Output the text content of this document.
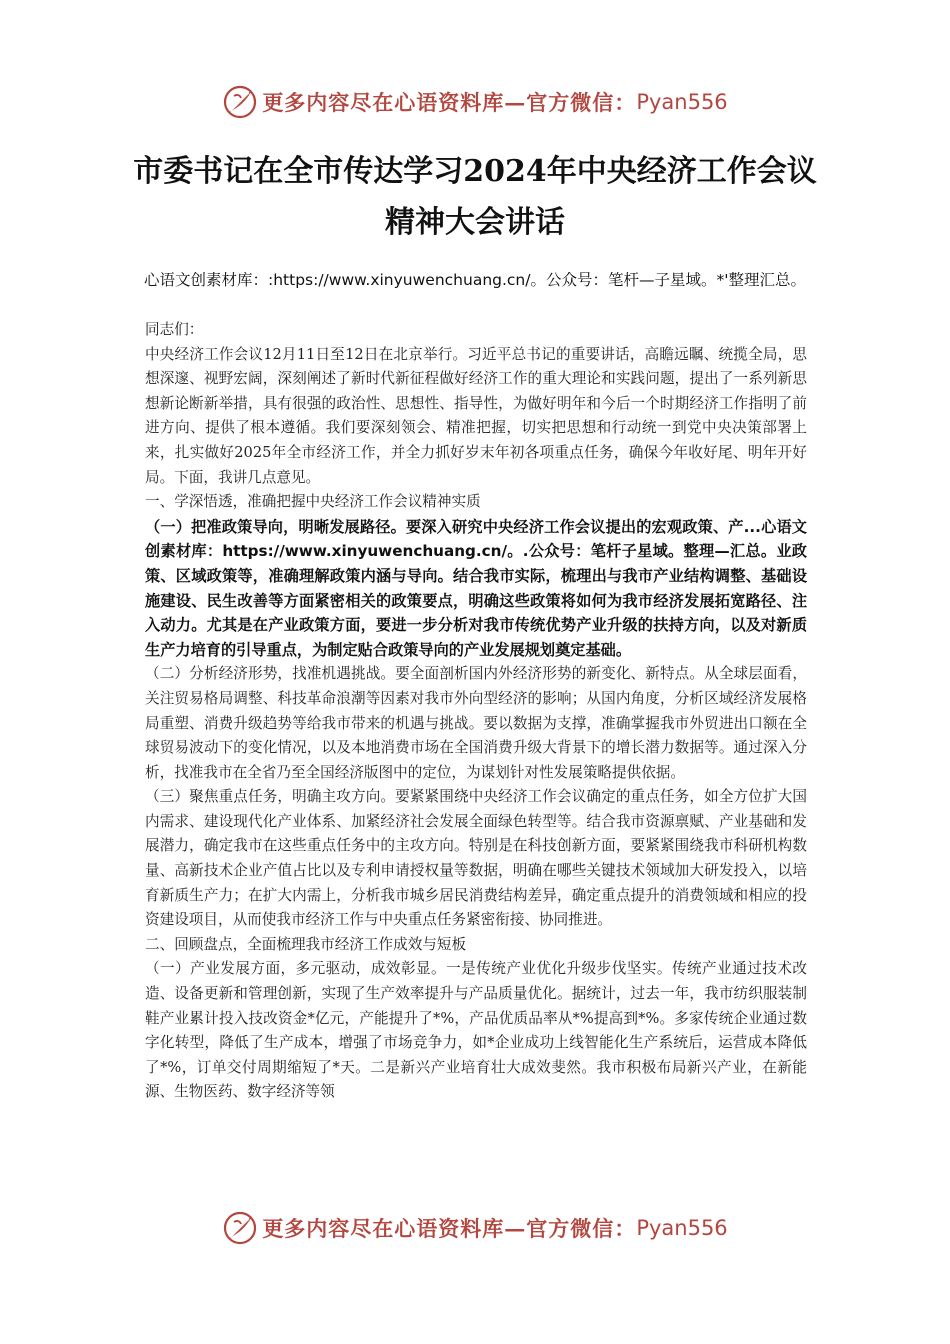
更多内容尽在心语资料库—官方微信： Pyan556
市委书记在全市传达学习2024年中央经济工作会议
精神大会讲话
心语文创素材库：:https://www.xinyuwenchuang.cn/。公众号：笔杆—子星域。*'整理汇总。

同志们：

中央经济工作会议12月11日至12日在北京举行。习近平总书记的重要讲话，高瞻远瞩、统揽全局，思想深邃、视野宏阔，深刻阐述了新时代新征程做好经济工作的重大理论和实践问题，提出了一系列新思想新论断新举措，具有很强的政治性、思想性、指导性，为做好明年和今后一个时期经济工作指明了前进方向、提供了根本遵循。我们要深刻领会、精准把握，切实把思想和行动统一到党中央决策部署上来，扎实做好2025年全市经济工作，并全力抓好岁末年初各项重点任务，确保今年收好尾、明年开好局。下面，我讲几点意见。

一、学深悟透，准确把握中央经济工作会议精神实质

（一）把准政策导向，明晰发展路径。要深入研究中央经济工作会议提出的宏观政策、产...心语文创素材库：https://www.xinyuwenchuang.cn/。.公众号：笔杆子星域。整理—汇总。业政策、区域政策等，准确理解政策内涵与导向。结合我市实际，梳理出与我市产业结构调整、基础设施建设、民生改善等方面紧密相关的政策要点，明确这些政策将如何为我市经济发展拓宽路径、注入动力。尤其是在产业政策方面，要进一步分析对我市传统优势产业升级的扶持方向，以及对新质生产力培育的引导重点，为制定贴合政策导向的产业发展规划奠定基础。

（二）分析经济形势，找准机遇挑战。要全面剖析国内外经济形势的新变化、新特点。从全球层面看，关注贸易格局调整、科技革命浪潮等因素对我市外向型经济的影响；从国内角度，分析区域经济发展格局重塑、消费升级趋势等给我市带来的机遇与挑战。要以数据为支撑，准确掌握我市外贸进出口额在全球贸易波动下的变化情况，以及本地消费市场在全国消费升级大背景下的增长潜力数据等。通过深入分析，找准我市在全省乃至全国经济版图中的定位，为谋划针对性发展策略提供依据。

（三）聚焦重点任务，明确主攻方向。要紧紧围绕中央经济工作会议确定的重点任务，如全方位扩大国内需求、建设现代化产业体系、加紧经济社会发展全面绿色转型等。结合我市资源禀赋、产业基础和发展潜力，确定我市在这些重点任务中的主攻方向。特别是在科技创新方面，要紧紧围绕我市科研机构数量、高新技术企业产值占比以及专利申请授权量等数据，明确在哪些关键技术领域加大研发投入，以培育新质生产力；在扩大内需上，分析我市城乡居民消费结构差异，确定重点提升的消费领域和相应的投资建设项目，从而使我市经济工作与中央重点任务紧密衔接、协同推进。

二、回顾盘点，全面梳理我市经济工作成效与短板

（一）产业发展方面，多元驱动，成效彰显。一是传统产业优化升级步伐坚实。传统产业通过技术改造、设备更新和管理创新，实现了生产效率提升与产品质量优化。据统计，过去一年，我市纺织服装制鞋产业累计投入技改资金*亿元，产能提升了*%，产品优质品率从*%提高到*%。多家传统企业通过数字化转型，降低了生产成本，增强了市场竞争力，如*企业成功上线智能化生产系统后，运营成本降低了*%，订单交付周期缩短了*天。二是新兴产业培育壮大成效斐然。我市积极布局新兴产业，在新能源、生物医药、数字经济等领

更多内容尽在心语资料库—官方微信： Pyan556
